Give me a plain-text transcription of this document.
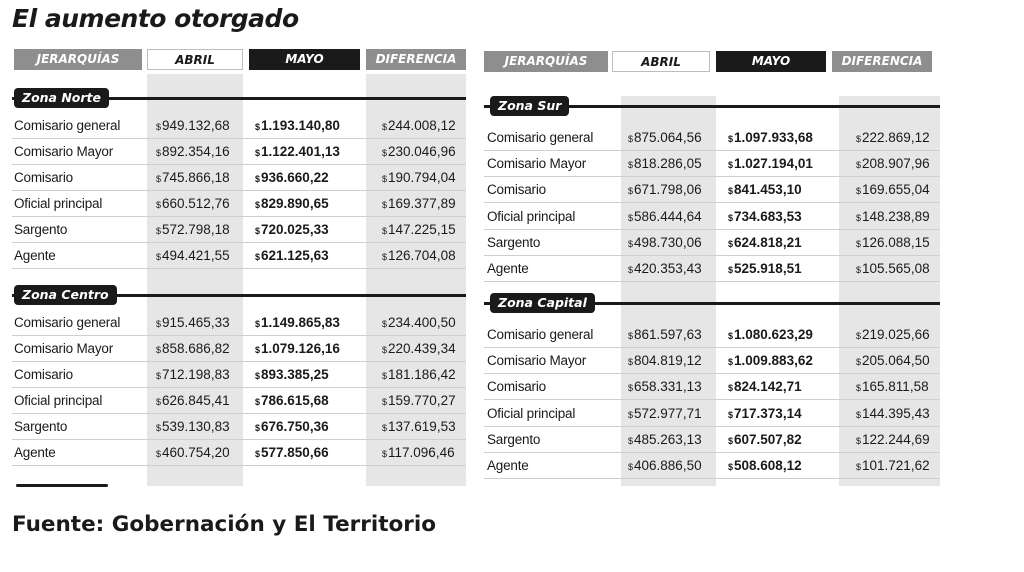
El aumento otorgado
JERARQUÍAS	ABRIL	MAYO	DIFERENCIA
Zona Norte
Comisario general	$949.132,68	$1.193.140,80	$244.008,12
Comisario Mayor	$892.354,16	$1.122.401,13	$230.046,96
Comisario	$745.866,18	$936.660,22	$190.794,04
Oficial principal	$660.512,76	$829.890,65	$169.377,89
Sargento	$572.798,18	$720.025,33	$147.225,15
Agente	$494.421,55	$621.125,63	$126.704,08
Zona Centro
Comisario general	$915.465,33	$1.149.865,83	$234.400,50
Comisario Mayor	$858.686,82	$1.079.126,16	$220.439,34
Comisario	$712.198,83	$893.385,25	$181.186,42
Oficial principal	$626.845,41	$786.615,68	$159.770,27
Sargento	$539.130,83	$676.750,36	$137.619,53
Agente	$460.754,20	$577.850,66	$117.096,46
JERARQUÍAS	ABRIL	MAYO	DIFERENCIA
Zona Sur
Comisario general	$875.064,56	$1.097.933,68	$222.869,12
Comisario Mayor	$818.286,05	$1.027.194,01	$208.907,96
Comisario	$671.798,06	$841.453,10	$169.655,04
Oficial principal	$586.444,64	$734.683,53	$148.238,89
Sargento	$498.730,06	$624.818,21	$126.088,15
Agente	$420.353,43	$525.918,51	$105.565,08
Zona Capital
Comisario general	$861.597,63	$1.080.623,29	$219.025,66
Comisario Mayor	$804.819,12	$1.009.883,62	$205.064,50
Comisario	$658.331,13	$824.142,71	$165.811,58
Oficial principal	$572.977,71	$717.373,14	$144.395,43
Sargento	$485.263,13	$607.507,82	$122.244,69
Agente	$406.886,50	$508.608,12	$101.721,62
Fuente: Gobernación y El Territorio
